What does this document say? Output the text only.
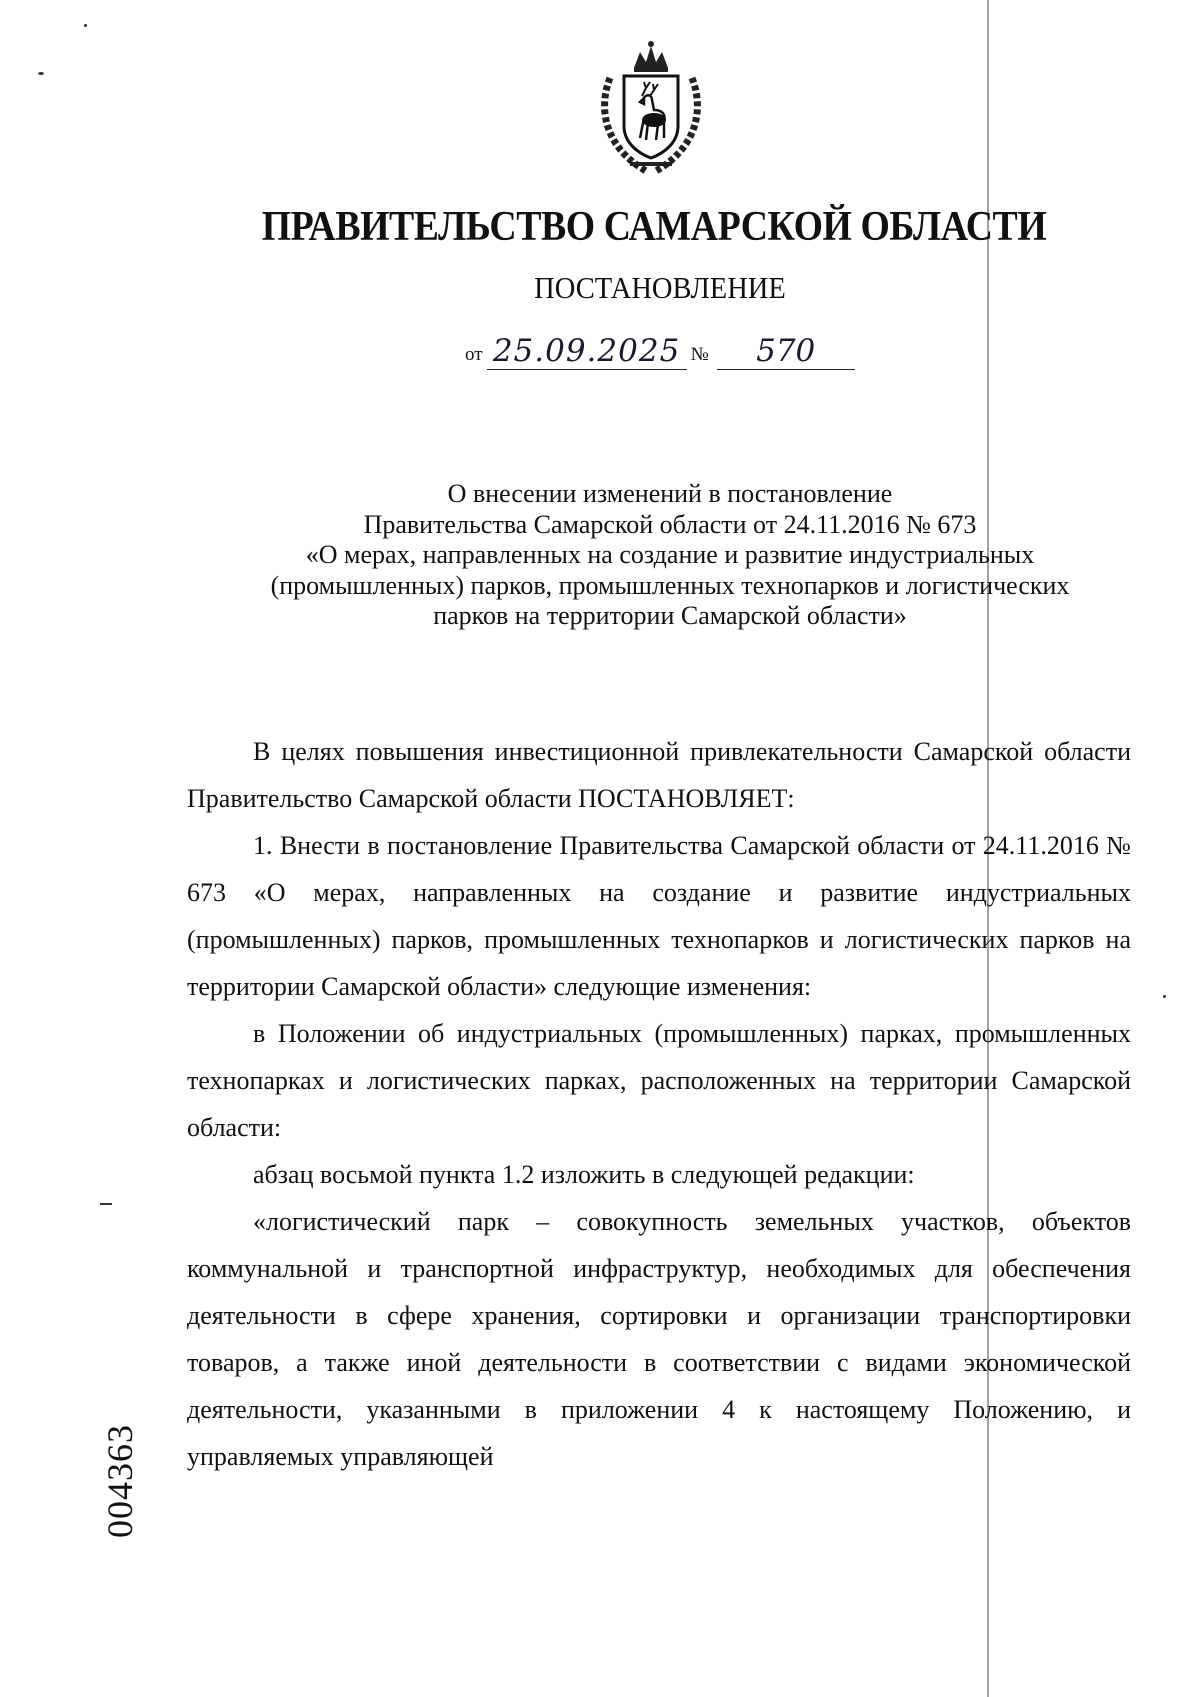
ПРАВИТЕЛЬСТВО САМАРСКОЙ ОБЛАСТИ
ПОСТАНОВЛЕНИЕ
от 25.09.2025 №	570
О внесении изменений в постановление
Правительства Самарской области от 24.11.2016 № 673
«О мерах, направленных на создание и развитие индустриальных
(промышленных) парков, промышленных технопарков и логистических
парков на территории Самарской области»

В целях повышения инвестиционной привлекательности Самарской области Правительство Самарской области ПОСТАНОВЛЯЕТ:

1. Внести в постановление Правительства Самарской области от 24.11.2016 № 673 «О мерах, направленных на создание и развитие индустриальных (промышленных) парков, промышленных технопарков и логистических парков на территории Самарской области» следующие изменения:

в Положении об индустриальных (промышленных) парках, промышленных технопарках и логистических парках, расположенных на территории Самарской области:

абзац восьмой пункта 1.2 изложить в следующей редакции:

«логистический парк – совокупность земельных участков, объектов коммунальной и транспортной инфраструктур, необходимых для обеспечения деятельности в сфере хранения, сортировки и организации транспортировки товаров, а также иной деятельности в соответствии с видами экономической деятельности, указанными в приложении 4 к настоящему Положению, и управляемых управляющей

004363
